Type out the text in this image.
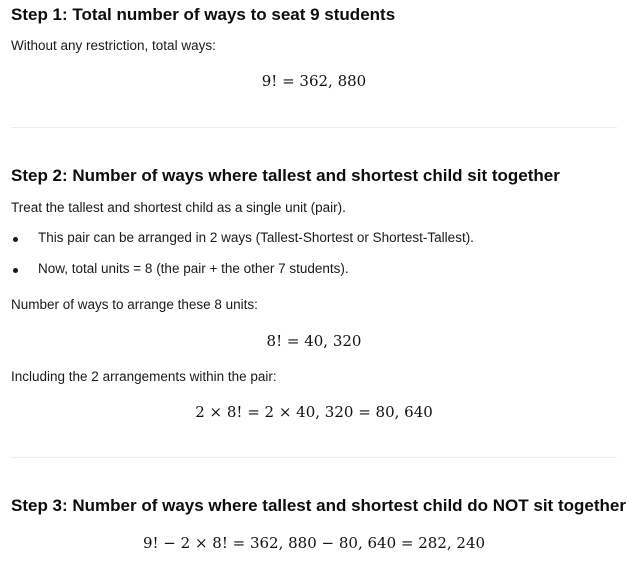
Step 1: Total number of ways to seat 9 students
Without any restriction, total ways:
9! = 362, 880
Step 2: Number of ways where tallest and shortest child sit together
Treat the tallest and shortest child as a single unit (pair).
This pair can be arranged in 2 ways (Tallest-Shortest or Shortest-Tallest).
Now, total units = 8 (the pair + the other 7 students).
Number of ways to arrange these 8 units:
8! = 40, 320
Including the 2 arrangements within the pair:
2 × 8! = 2 × 40, 320 = 80, 640
Step 3: Number of ways where tallest and shortest child do NOT sit together
9! − 2 × 8! = 362, 880 − 80, 640 = 282, 240
